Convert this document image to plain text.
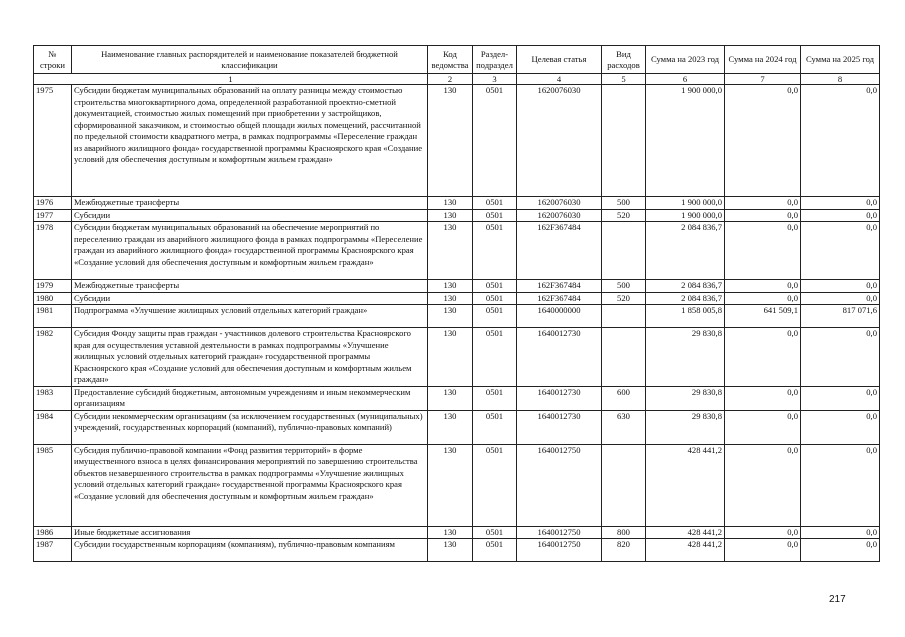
№ строки	Наименование главных распорядителей и наименование показателей бюджетной классификации	Код ведомства	Раздел-подраздел	Целевая статья	Вид расходов	Сумма на 2023 год	Сумма на 2024 год	Сумма на 2025 год
1		2	3	4	5	6	7	8
1975	Субсидии бюджетам муниципальных образований на оплату разницы между стоимостью строительства многоквартирного дома, определенной разработанной проектно-сметной документацией, стоимостью жилых помещений при приобретении у застройщиков, сформированной заказчиком, и стоимостью общей площади жилых помещений, рассчитанной по предельной стоимости квадратного метра, в рамках подпрограммы «Переселение граждан из аварийного жилищного фонда» государственной программы Красноярского края «Создание условий для обеспечения доступным и комфортным жильем граждан»	130	0501	1620076030		1 900 000,0	0,0	0,0
1976	Межбюджетные трансферты	130	0501	1620076030	500	1 900 000,0	0,0	0,0
1977	Субсидии	130	0501	1620076030	520	1 900 000,0	0,0	0,0
1978	Субсидии бюджетам муниципальных образований на обеспечение мероприятий по переселению граждан из аварийного жилищного фонда в рамках подпрограммы «Переселение граждан из аварийного жилищного фонда» государственной программы Красноярского края «Создание условий для обеспечения доступным и комфортным жильем граждан»	130	0501	162F367484		2 084 836,7	0,0	0,0
1979	Межбюджетные трансферты	130	0501	162F367484	500	2 084 836,7	0,0	0,0
1980	Субсидии	130	0501	162F367484	520	2 084 836,7	0,0	0,0
1981	Подпрограмма «Улучшение жилищных условий отдельных категорий граждан»	130	0501	1640000000		1 858 005,8	641 509,1	817 071,6
1982	Субсидия Фонду защиты прав граждан - участников долевого строительства Красноярского края для осуществления уставной деятельности в рамках подпрограммы «Улучшение жилищных условий отдельных категорий граждан» государственной программы Красноярского края «Создание условий для обеспечения доступным и комфортным жильем граждан»	130	0501	1640012730		29 830,8	0,0	0,0
1983	Предоставление субсидий бюджетным, автономным учреждениям и иным некоммерческим организациям	130	0501	1640012730	600	29 830,8	0,0	0,0
1984	Субсидии некоммерческим организациям (за исключением государственных (муниципальных) учреждений, государственных корпораций (компаний), публично-правовых компаний)	130	0501	1640012730	630	29 830,8	0,0	0,0
1985	Субсидия публично-правовой компании «Фонд развития территорий» в форме имущественного взноса в целях финансирования мероприятий по завершению строительства объектов незавершенного строительства в рамках подпрограммы «Улучшение жилищных условий отдельных категорий граждан» государственной программы Красноярского края «Создание условий для обеспечения доступным и комфортным жильем граждан»	130	0501	1640012750		428 441,2	0,0	0,0
1986	Иные бюджетные ассигнования	130	0501	1640012750	800	428 441,2	0,0	0,0
1987	Субсидии государственным корпорациям (компаниям), публично-правовым компаниям	130	0501	1640012750	820	428 441,2	0,0	0,0
217
